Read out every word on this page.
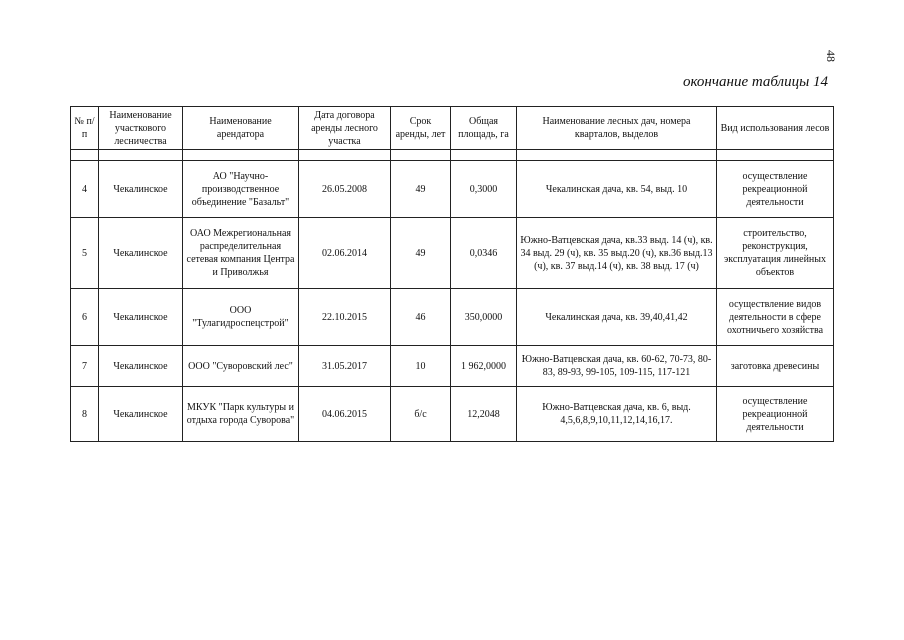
48
окончание таблицы 14
№ п/п	Наименование участкового лесничества	Наименование арендатора	Дата договора аренды лесного участка	Срок аренды, лет	Общая площадь, га	Наименование лесных дач, номера кварталов, выделов	Вид использования лесов

4	Чекалинское	АО "Научно-производственное объединение "Базальт"	26.05.2008	49	0,3000	Чекалинская дача, кв. 54, выд. 10	осуществление рекреационной деятельности
5	Чекалинское	ОАО Межрегиональная распределительная сетевая компания Центра и Приволжья	02.06.2014	49	0,0346	Южно-Ватцевская дача, кв.33 выд. 14 (ч), кв. 34 выд. 29 (ч), кв. 35 выд.20 (ч), кв.36 выд.13 (ч), кв. 37 выд.14 (ч), кв. 38 выд. 17 (ч)	строительство, реконструкция, эксплуатация линейных объектов
6	Чекалинское	ООО "Тулагидроспецстрой"	22.10.2015	46	350,0000	Чекалинская дача, кв. 39,40,41,42	осуществление видов деятельности в сфере охотничьего хозяйства
7	Чекалинское	ООО "Суворовский лес"	31.05.2017	10	1 962,0000	Южно-Ватцевская дача, кв. 60-62, 70-73, 80-83, 89-93, 99-105, 109-115, 117-121	заготовка древесины
8	Чекалинское	МКУК "Парк культуры и отдыха города Суворова"	04.06.2015	б/с	12,2048	Южно-Ватцевская дача, кв. 6, выд. 4,5,6,8,9,10,11,12,14,16,17.	осуществление рекреационной деятельности
